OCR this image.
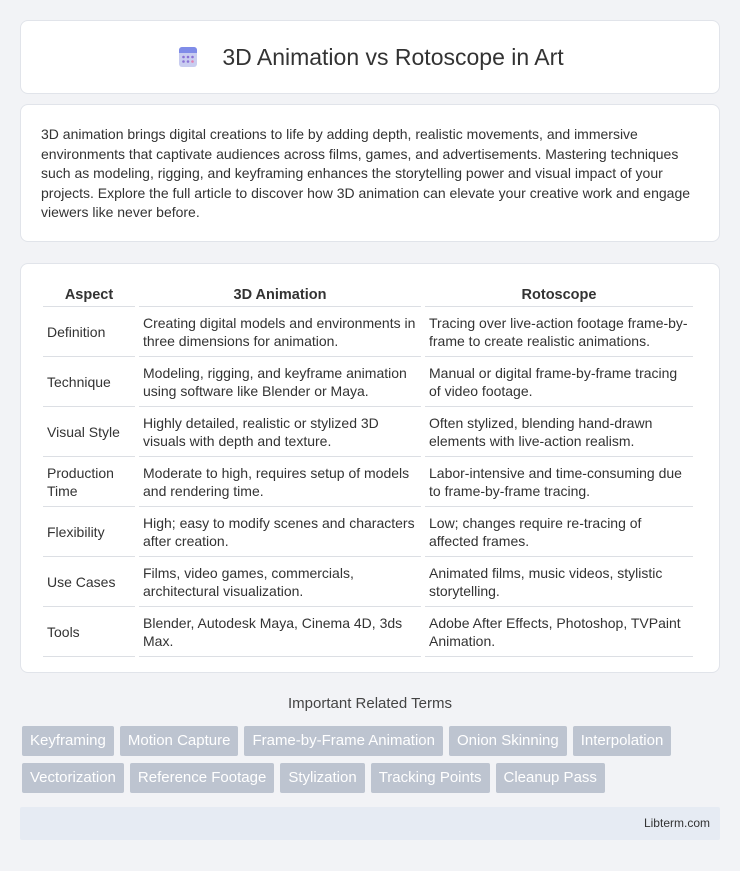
3D Animation vs Rotoscope in Art

3D animation brings digital creations to life by adding depth, realistic movements, and immersive environments that captivate audiences across films, games, and advertisements. Mastering techniques such as modeling, rigging, and keyframing enhances the storytelling power and visual impact of your projects. Explore the full article to discover how 3D animation can elevate your creative work and engage viewers like never before.

Aspect	3D Animation	Rotoscope
Definition	Creating digital models and environments in three dimensions for animation.	Tracing over live-action footage frame-by-frame to create realistic animations.
Technique	Modeling, rigging, and keyframe animation using software like Blender or Maya.	Manual or digital frame-by-frame tracing of video footage.
Visual Style	Highly detailed, realistic or stylized 3D visuals with depth and texture.	Often stylized, blending hand-drawn elements with live-action realism.
Production Time	Moderate to high, requires setup of models and rendering time.	Labor-intensive and time-consuming due to frame-by-frame tracing.
Flexibility	High; easy to modify scenes and characters after creation.	Low; changes require re-tracing of affected frames.
Use Cases	Films, video games, commercials, architectural visualization.	Animated films, music videos, stylistic storytelling.
Tools	Blender, Autodesk Maya, Cinema 4D, 3ds Max.	Adobe After Effects, Photoshop, TVPaint Animation.
Important Related Terms
Keyframing	Motion Capture	Frame-by-Frame Animation	Onion Skinning	Interpolation
Vectorization	Reference Footage	Stylization	Tracking Points	Cleanup Pass
Libterm.com
